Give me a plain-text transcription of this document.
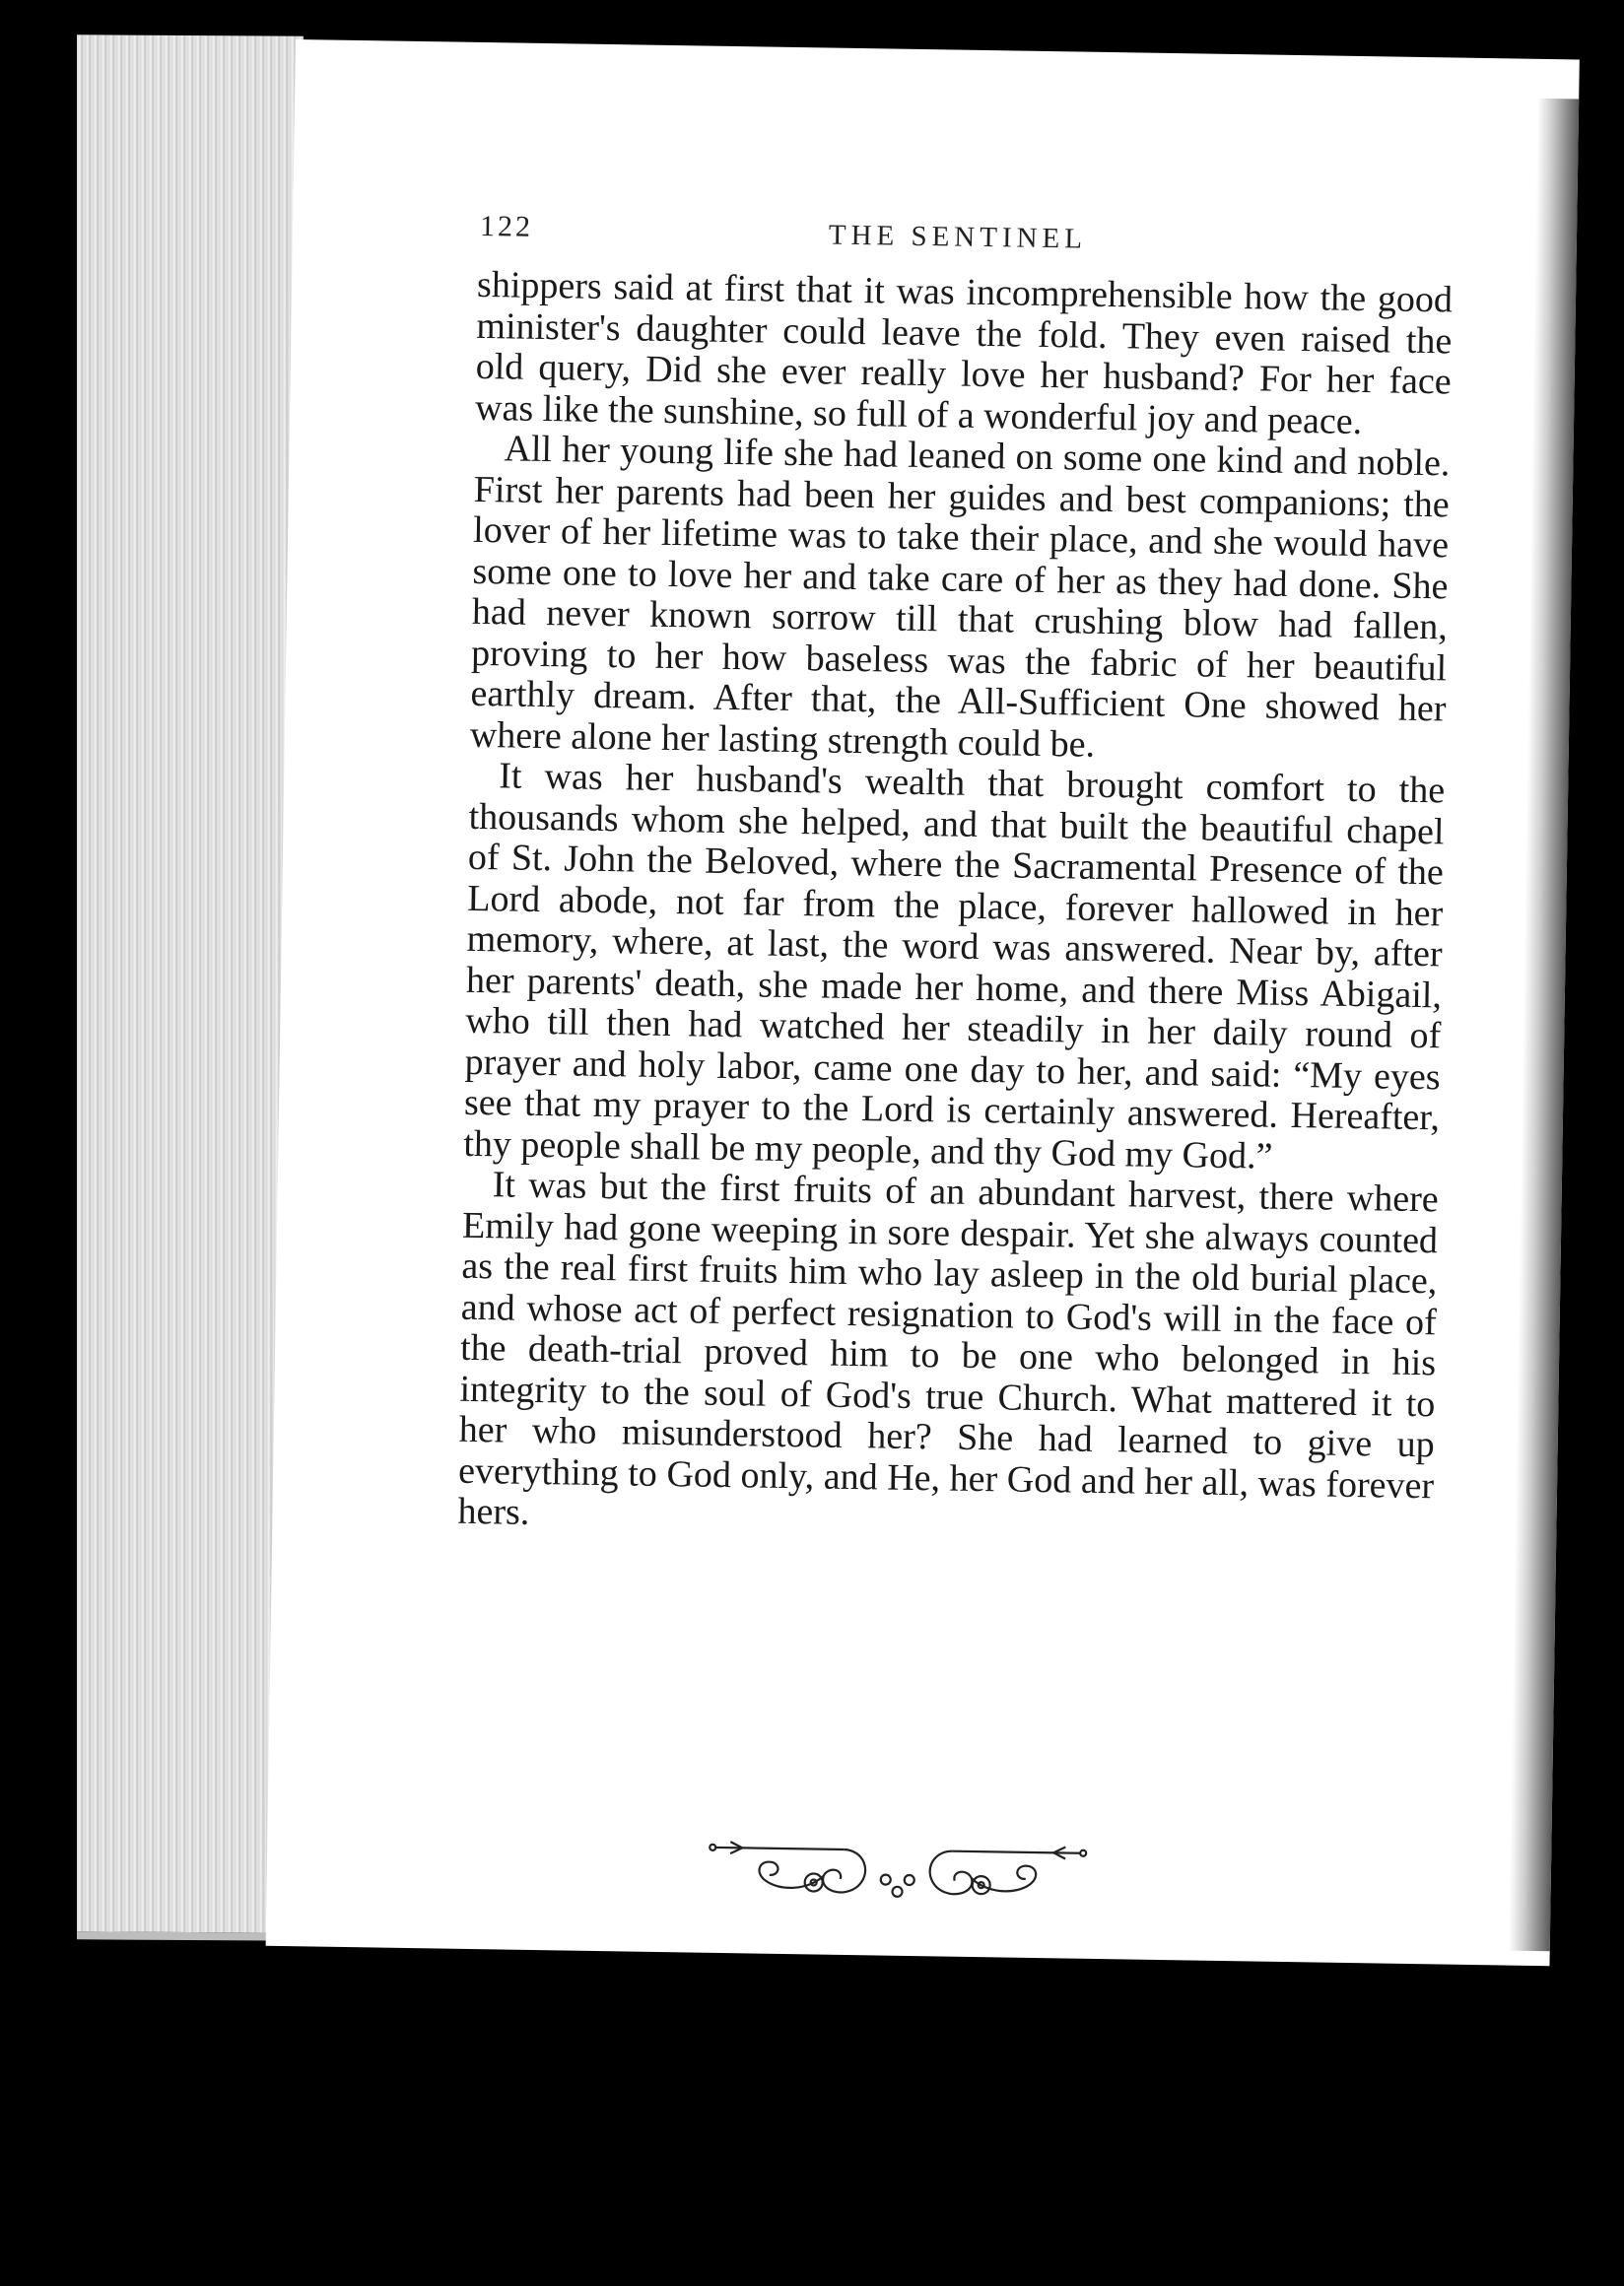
122	THE SENTINEL

shippers said at first that it was incomprehensible how the good minister's daughter could leave the fold. They even raised the old query, Did she ever really love her husband? For her face was like the sunshine, so full of a wonderful joy and peace.

All her young life she had leaned on some one kind and noble. First her parents had been her guides and best companions; the lover of her lifetime was to take their place, and she would have some one to love her and take care of her as they had done. She had never known sorrow till that crushing blow had fallen, proving to her how baseless was the fabric of her beautiful earthly dream. After that, the All-Sufficient One showed her where alone her lasting strength could be.

It was her husband's wealth that brought comfort to the thousands whom she helped, and that built the beautiful chapel of St. John the Beloved, where the Sacramental Presence of the Lord abode, not far from the place, forever hallowed in her memory, where, at last, the word was answered. Near by, after her parents' death, she made her home, and there Miss Abigail, who till then had watched her steadily in her daily round of prayer and holy labor, came one day to her, and said: “My eyes see that my prayer to the Lord is certainly answered. Hereafter, thy people shall be my people, and thy God my God.”

It was but the first fruits of an abundant harvest, there where Emily had gone weeping in sore despair. Yet she always counted as the real first fruits him who lay asleep in the old burial place, and whose act of perfect resignation to God's will in the face of the death-trial proved him to be one who belonged in his integrity to the soul of God's true Church. What mattered it to her who misunderstood her? She had learned to give up everything to God only, and He, her God and her all, was forever hers.
